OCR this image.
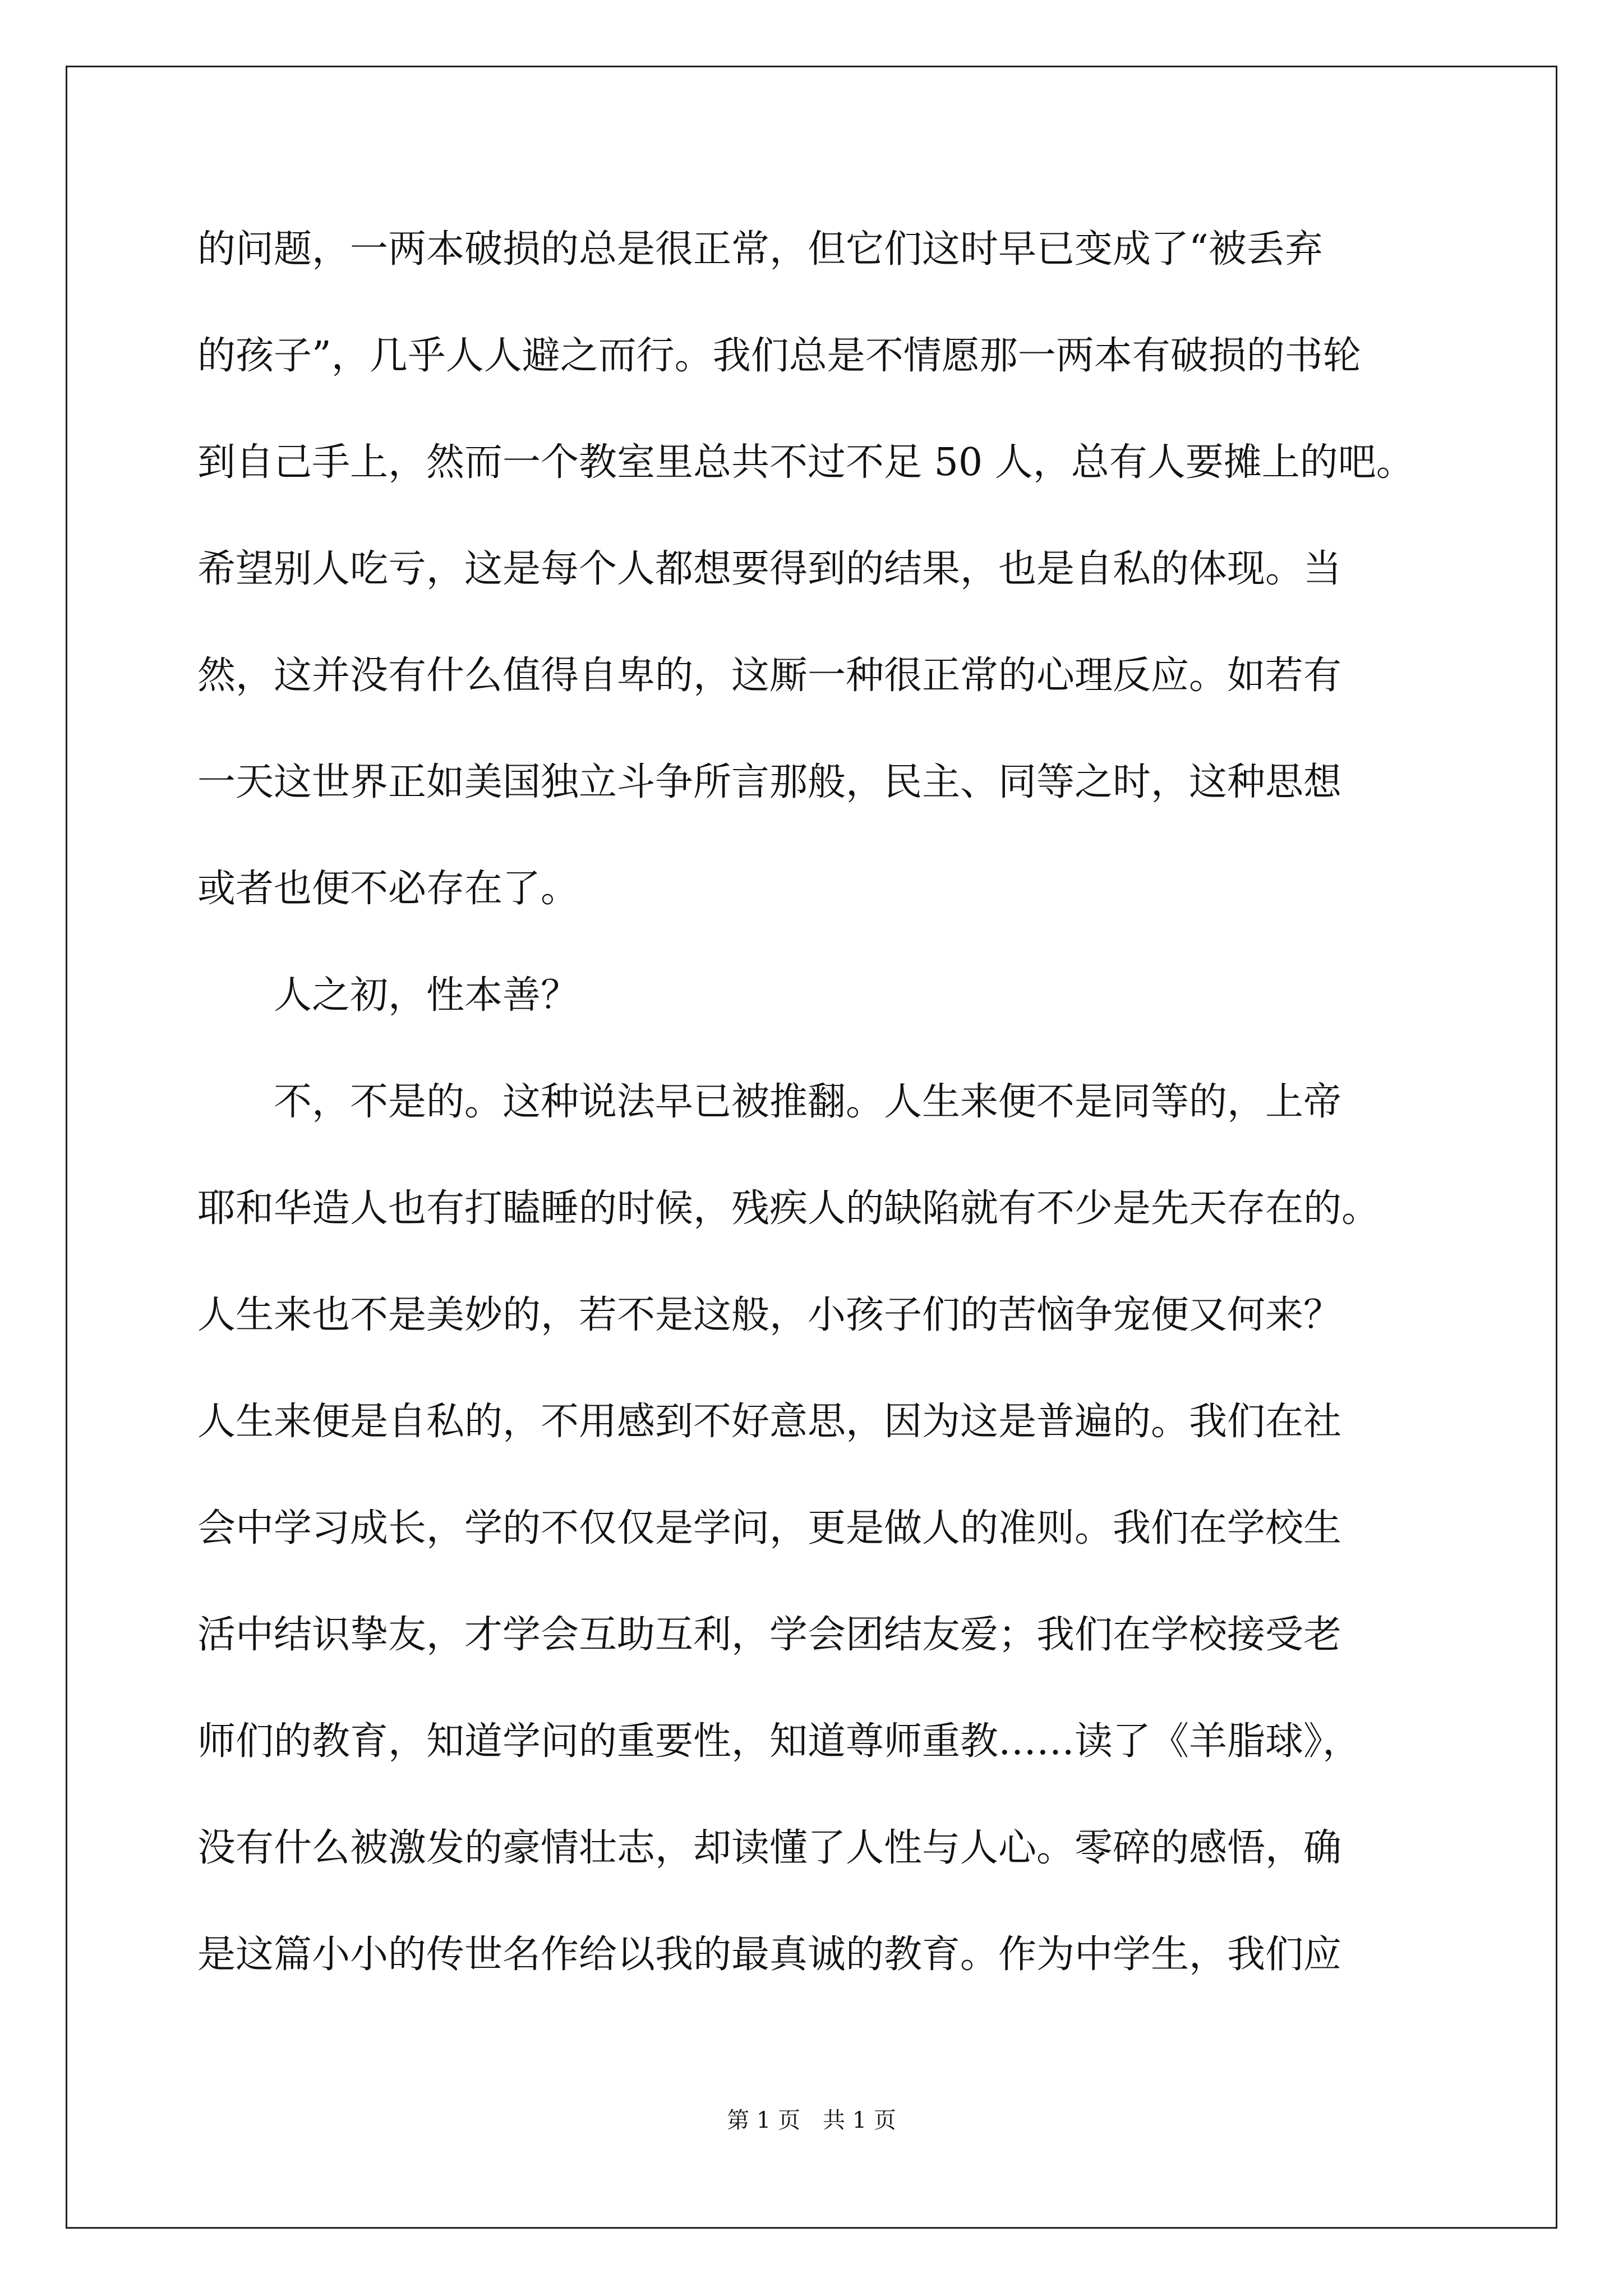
的问题，一两本破损的总是很正常，但它们这时早已变成了“被丢弃
的孩子”，几乎人人避之而行。我们总是不情愿那一两本有破损的书轮
到自己手上，然而一个教室里总共不过不足 50 人，总有人要摊上的吧。
希望别人吃亏，这是每个人都想要得到的结果，也是自私的体现。当
然，这并没有什么值得自卑的，这厮一种很正常的心理反应。如若有
一天这世界正如美国独立斗争所言那般，民主、同等之时，这种思想
或者也便不必存在了。
　　人之初，性本善？
　　不，不是的。这种说法早已被推翻。人生来便不是同等的，上帝
耶和华造人也有打瞌睡的时候，残疾人的缺陷就有不少是先天存在的。
人生来也不是美妙的，若不是这般，小孩子们的苦恼争宠便又何来？
人生来便是自私的，不用感到不好意思，因为这是普遍的。我们在社
会中学习成长，学的不仅仅是学问，更是做人的准则。我们在学校生
活中结识挚友，才学会互助互利，学会团结友爱；我们在学校接受老
师们的教育，知道学问的重要性，知道尊师重教……读了《羊脂球》，
没有什么被激发的豪情壮志，却读懂了人性与人心。零碎的感悟，确
是这篇小小的传世名作给以我的最真诚的教育。作为中学生，我们应
第 1 页　共 1 页
